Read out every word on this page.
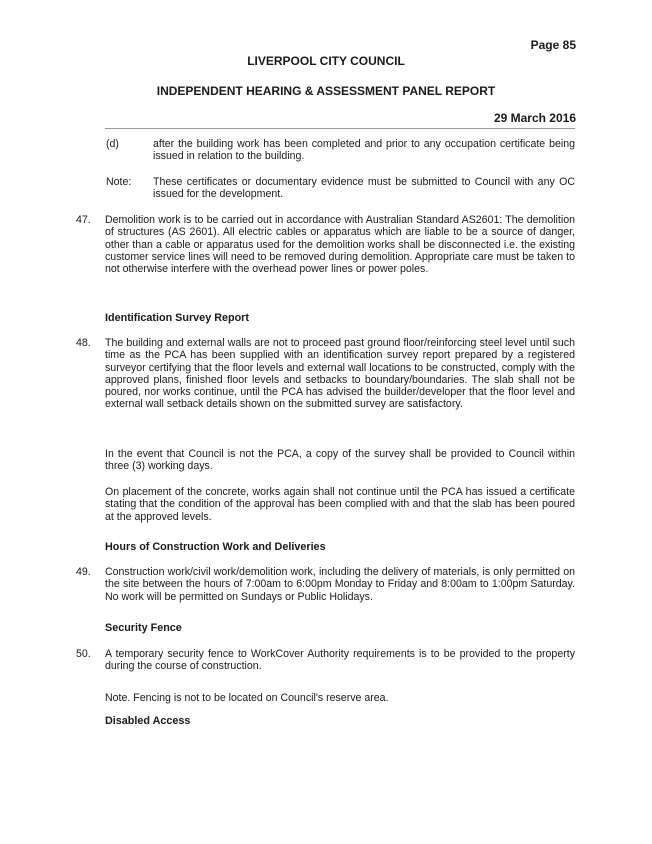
Page 85
LIVERPOOL CITY COUNCIL
INDEPENDENT HEARING & ASSESSMENT PANEL REPORT
29 March 2016
(d)	after the building work has been completed and prior to any occupation certificate being issued in relation to the building.
Note: These certificates or documentary evidence must be submitted to Council with any OC issued for the development.
47. Demolition work is to be carried out in accordance with Australian Standard AS2601: The demolition of structures (AS 2601). All electric cables or apparatus which are liable to be a source of danger, other than a cable or apparatus used for the demolition works shall be disconnected i.e. the existing customer service lines will need to be removed during demolition. Appropriate care must be taken to not otherwise interfere with the overhead power lines or power poles.
Identification Survey Report
48. The building and external walls are not to proceed past ground floor/reinforcing steel level until such time as the PCA has been supplied with an identification survey report prepared by a registered surveyor certifying that the floor levels and external wall locations to be constructed, comply with the approved plans, finished floor levels and setbacks to boundary/boundaries. The slab shall not be poured, nor works continue, until the PCA has advised the builder/developer that the floor level and external wall setback details shown on the submitted survey are satisfactory.
In the event that Council is not the PCA, a copy of the survey shall be provided to Council within three (3) working days.
On placement of the concrete, works again shall not continue until the PCA has issued a certificate stating that the condition of the approval has been complied with and that the slab has been poured at the approved levels.
Hours of Construction Work and Deliveries
49. Construction work/civil work/demolition work, including the delivery of materials, is only permitted on the site between the hours of 7:00am to 6:00pm Monday to Friday and 8:00am to 1:00pm Saturday. No work will be permitted on Sundays or Public Holidays.
Security Fence
50. A temporary security fence to WorkCover Authority requirements is to be provided to the property during the course of construction.
Note. Fencing is not to be located on Council's reserve area.
Disabled Access
